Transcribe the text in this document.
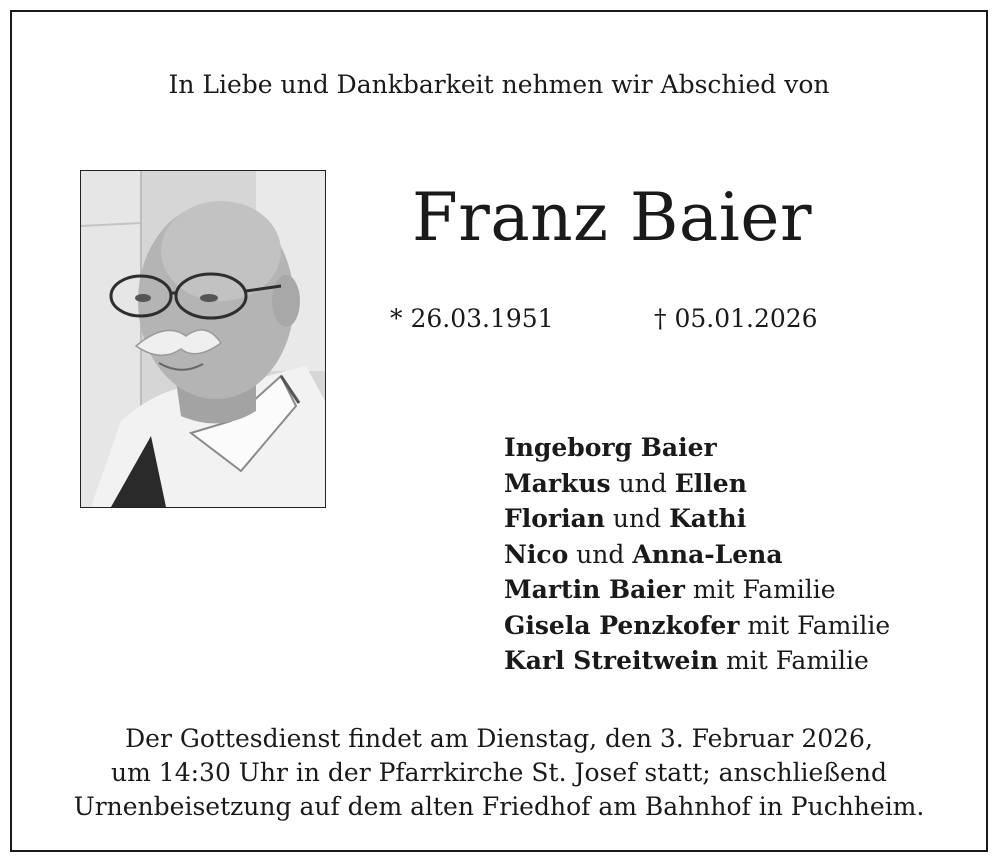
In Liebe und Dankbarkeit nehmen wir Abschied von
Franz Baier
* 26.03.1951	† 05.01.2026
Ingeborg Baier
Markus und Ellen
Florian und Kathi
Nico und Anna-Lena
Martin Baier mit Familie
Gisela Penzkofer mit Familie
Karl Streitwein mit Familie
Der Gottesdienst findet am Dienstag, den 3. Februar 2026,
um 14:30 Uhr in der Pfarrkirche St. Josef statt; anschließend
Urnenbeisetzung auf dem alten Friedhof am Bahnhof in Puchheim.
